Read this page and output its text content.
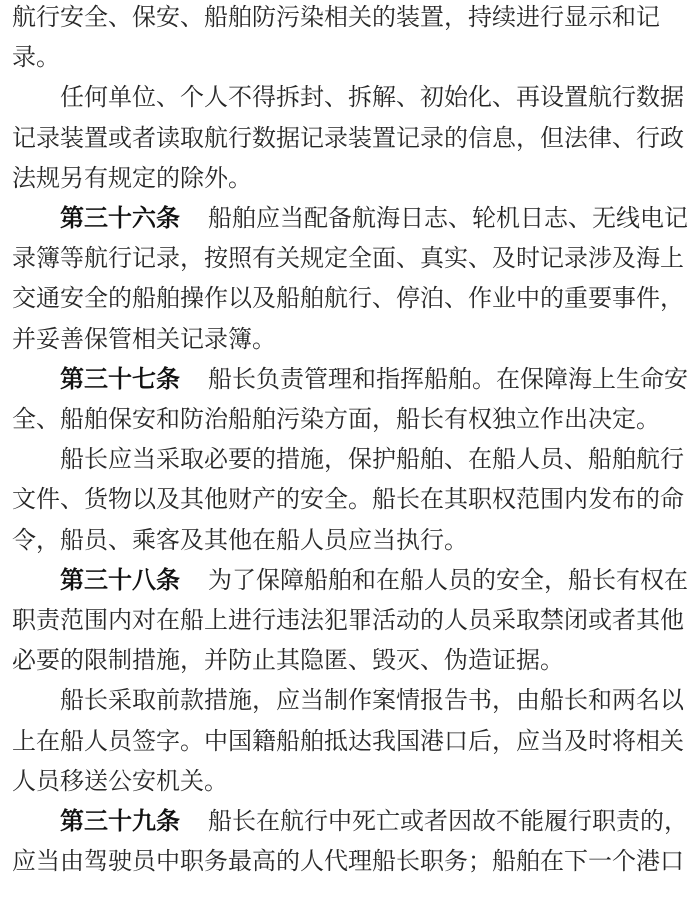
航行安全、保安、船舶防污染相关的装置，持续进行显示和记
录。
任何单位、个人不得拆封、拆解、初始化、再设置航行数据
记录装置或者读取航行数据记录装置记录的信息，但法律、行政
法规另有规定的除外。
第三十六条 船舶应当配备航海日志、轮机日志、无线电记
录簿等航行记录，按照有关规定全面、真实、及时记录涉及海上
交通安全的船舶操作以及船舶航行、停泊、作业中的重要事件，
并妥善保管相关记录簿。
第三十七条 船长负责管理和指挥船舶。在保障海上生命安
全、船舶保安和防治船舶污染方面，船长有权独立作出决定。
船长应当采取必要的措施，保护船舶、在船人员、船舶航行
文件、货物以及其他财产的安全。船长在其职权范围内发布的命
令，船员、乘客及其他在船人员应当执行。
第三十八条 为了保障船舶和在船人员的安全，船长有权在
职责范围内对在船上进行违法犯罪活动的人员采取禁闭或者其他
必要的限制措施，并防止其隐匿、毁灭、伪造证据。
船长采取前款措施，应当制作案情报告书，由船长和两名以
上在船人员签字。中国籍船舶抵达我国港口后，应当及时将相关
人员移送公安机关。
第三十九条 船长在航行中死亡或者因故不能履行职责的，
应当由驾驶员中职务最高的人代理船长职务；船舶在下一个港口
